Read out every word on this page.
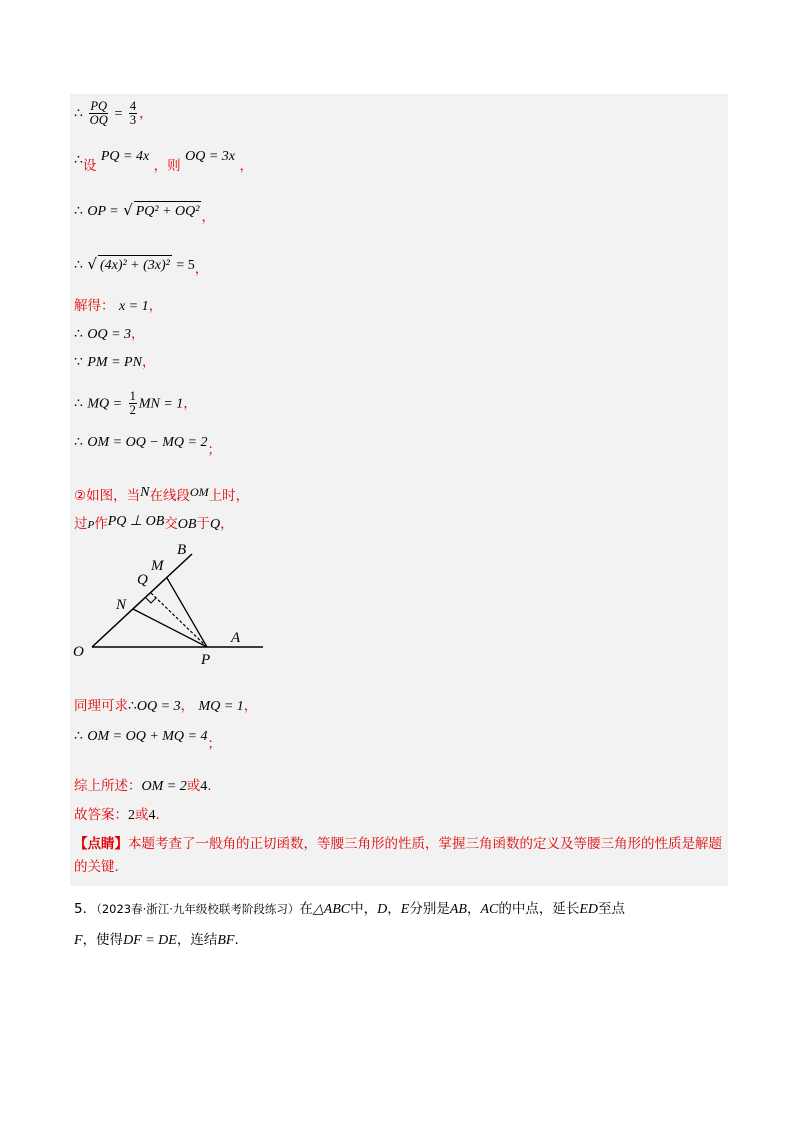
∴ $\frac{PQ}{OQ} = \frac{4}{3}$ ，
∴设 PQ = 4x ，则 OQ = 3x ，
∴ OP = √ PQ² + OQ² ，
∴ √ (4x)² + (3x)² = 5，
解得： x = 1，
∴ OQ = 3，
∵ PM = PN，
∴ MQ = $\frac{1}{2}$ MN = 1，
∴ OM = OQ − MQ = 2；
②如图，当N在线段OM上时，
过P作PQ ⊥ OB交OB于Q，
O
A
P
B
M
Q
N
同理可求∴OQ = 3， MQ = 1，
∴ OM = OQ + MQ = 4；
综上所述：OM = 2或4.
故答案：2或4.
【点睛】本题考查了一般角的正切函数，等腰三角形的性质，掌握三角函数的定义及等腰三角形的性质是解题的关键.
5．（2023春·浙江·九年级校联考阶段练习）在△ABC中，D，E分别是AB，AC的中点，延长ED至点
F，使得DF = DE，连结BF.
